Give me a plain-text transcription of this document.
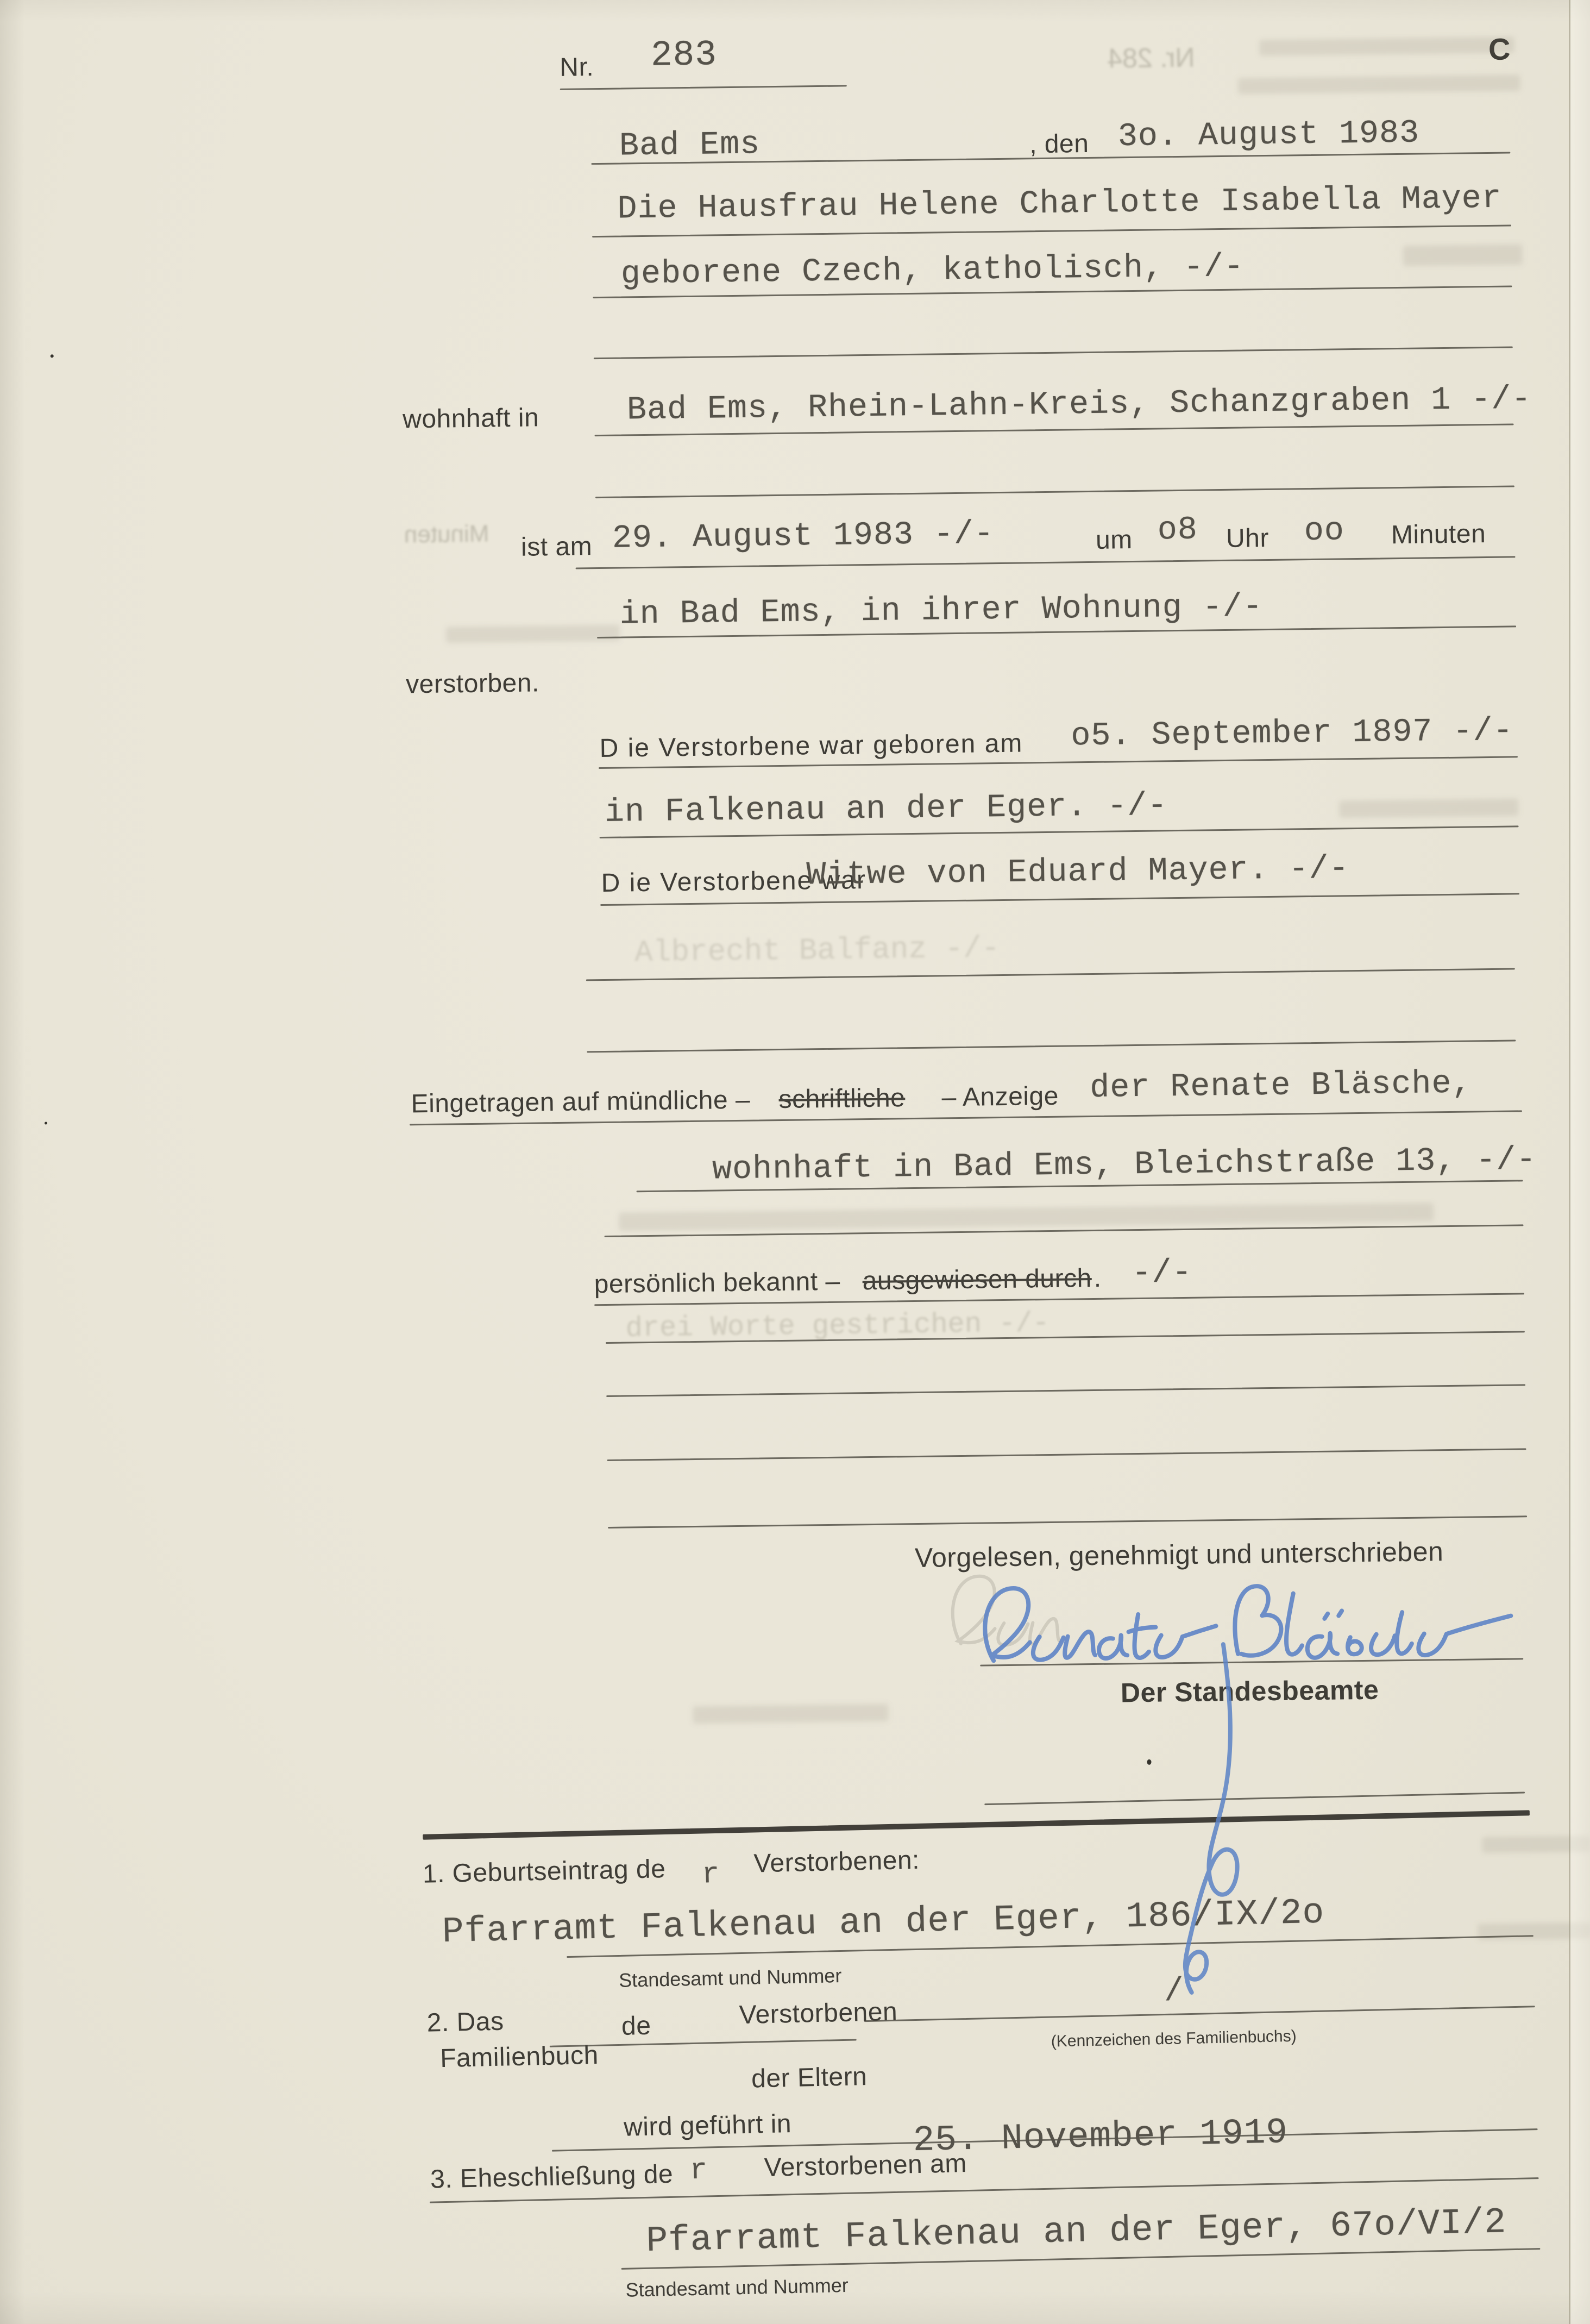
Nr. 283	C
Bad Ems	, den 3o. August 1983
Die Hausfrau Helene Charlotte Isabella Mayer
geborene Czech, katholisch, -/-
wohnhaft in	Bad Ems, Rhein-Lahn-Kreis, Schanzgraben 1 -/-
ist am 29. August 1983 -/-	um o8 Uhr oo Minuten
in Bad Ems, in ihrer Wohnung -/-
verstorben.
D ie Verstorbene war geboren am o5. September 1897 -/-
in Falkenau an der Eger. -/-
D ie Verstorbene war
Witwe von Eduard Mayer. -/-
Eingetragen auf mündliche – schriftliche – Anzeige der Renate Bläsche,
wohnhaft in Bad Ems, Bleichstraße 13, -/-
persönlich bekannt – ausgewiesen durch . -/-
Vorgelesen, genehmigt und unterschrieben
Der Standesbeamte
1. Geburtseintrag de r Verstorbenen:
Pfarramt Falkenau an der Eger, 186/IX/2o
Standesamt und Nummer
2. Das
Familienbuch
de	Verstorbenen
der Eltern
/
(Kennzeichen des Familienbuchs)
wird geführt in
3. Eheschließung de r Verstorbenen am
25. November 1919
Pfarramt Falkenau an der Eger, 67o/VI/2
Standesamt und Nummer
Nr. 284
Minuten
Albrecht Balfanz -/-
drei Worte gestrichen -/-
